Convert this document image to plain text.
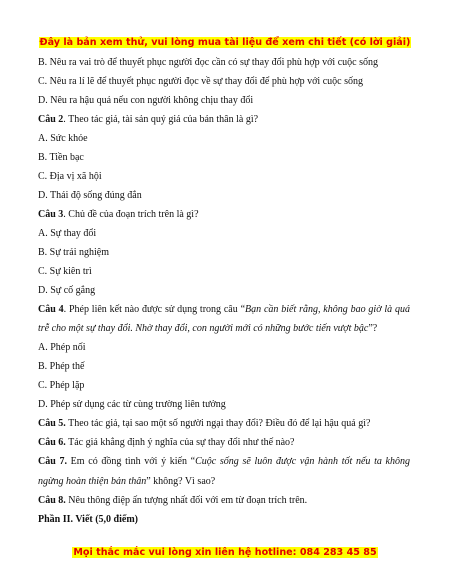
Đây là bản xem thử, vui lòng mua tài liệu để xem chi tiết (có lời giải)

B. Nêu ra vai trò để thuyết phục người đọc cần có sự thay đổi phù hợp với cuộc sống

C. Nêu ra lí lẽ để thuyết phục người đọc về sự thay đổi để phù hợp với cuộc sống

D. Nêu ra hậu quả nếu con người không chịu thay đổi

Câu 2. Theo tác giả, tài sản quý giá của bản thân là gì?

A. Sức khỏe

B. Tiền bạc

C. Địa vị xã hội

D. Thái độ sống đúng đắn

Câu 3. Chủ đề của đoạn trích trên là gì?

A. Sự thay đổi

B. Sự trải nghiệm

C. Sự kiên trì

D. Sự cố gắng

Câu 4. Phép liên kết nào được sử dụng trong câu “Bạn cần biết rằng, không bao giờ là quá trễ cho một sự thay đổi. Nhờ thay đổi, con người mới có những bước tiến vượt bậc”?

A. Phép nối

B. Phép thế

C. Phép lặp

D. Phép sử dụng các từ cùng trường liên tưởng

Câu 5. Theo tác giả, tại sao một số người ngại thay đổi? Điều đó để lại hậu quả gì?

Câu 6. Tác giả khẳng định ý nghĩa của sự thay đổi như thế nào?

Câu 7. Em có đồng tình với ý kiến “Cuộc sống sẽ luôn được vận hành tốt nếu ta không ngừng hoàn thiện bản thân” không? Vì sao?

Câu 8. Nêu thông điệp ấn tượng nhất đối với em từ đoạn trích trên.

Phần II. Viết (5,0 điểm)

Mọi thắc mắc vui lòng xin liên hệ hotline: 084 283 45 85
